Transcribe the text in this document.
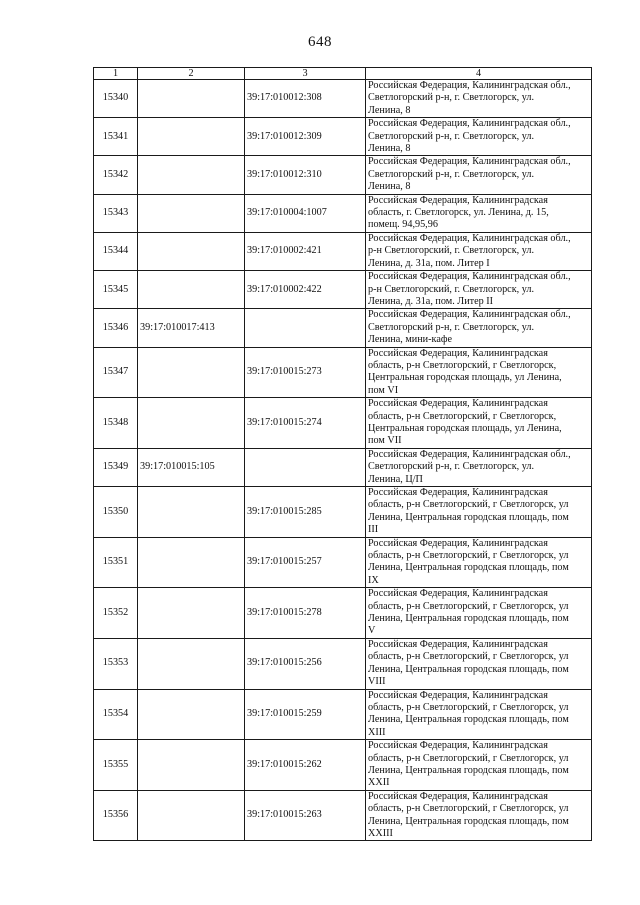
648
1	2	3	4
15340		39:17:010012:308	Российская Федерация, Калининградская обл.,
Светлогорский р-н, г. Светлогорск, ул.
Ленина, 8

15341		39:17:010012:309	Российская Федерация, Калининградская обл.,
Светлогорский р-н, г. Светлогорск, ул.
Ленина, 8

15342		39:17:010012:310	Российская Федерация, Калининградская обл.,
Светлогорский р-н, г. Светлогорск, ул.
Ленина, 8

15343		39:17:010004:1007	Российская Федерация, Калининградская
область, г. Светлогорск, ул. Ленина, д. 15,
помещ. 94,95,96

15344		39:17:010002:421	Российская Федерация, Калининградская обл.,
р-н Светлогорский, г. Светлогорск, ул.
Ленина, д. 31а, пом. Литер I

15345		39:17:010002:422	Российская Федерация, Калининградская обл.,
р-н Светлогорский, г. Светлогорск, ул.
Ленина, д. 31а, пом. Литер II

15346	39:17:010017:413		Российская Федерация, Калининградская обл.,
Светлогорский р-н, г. Светлогорск, ул.
Ленина, мини-кафе

15347		39:17:010015:273	Российская Федерация, Калининградская
область, р-н Светлогорский, г Светлогорск,
Центральная городская площадь, ул Ленина,
пом VI

15348		39:17:010015:274	Российская Федерация, Калининградская
область, р-н Светлогорский, г Светлогорск,
Центральная городская площадь, ул Ленина,
пом VII

15349	39:17:010015:105		Российская Федерация, Калининградская обл.,
Светлогорский р-н, г. Светлогорск, ул.
Ленина, Ц/П

15350		39:17:010015:285	Российская Федерация, Калининградская
область, р-н Светлогорский, г Светлогорск, ул
Ленина, Центральная городская площадь, пом
III

15351		39:17:010015:257	Российская Федерация, Калининградская
область, р-н Светлогорский, г Светлогорск, ул
Ленина, Центральная городская площадь, пом
IX

15352		39:17:010015:278	Российская Федерация, Калининградская
область, р-н Светлогорский, г Светлогорск, ул
Ленина, Центральная городская площадь, пом
V

15353		39:17:010015:256	Российская Федерация, Калининградская
область, р-н Светлогорский, г Светлогорск, ул
Ленина, Центральная городская площадь, пом
VIII

15354		39:17:010015:259	Российская Федерация, Калининградская
область, р-н Светлогорский, г Светлогорск, ул
Ленина, Центральная городская площадь, пом
XIII

15355		39:17:010015:262	Российская Федерация, Калининградская
область, р-н Светлогорский, г Светлогорск, ул
Ленина, Центральная городская площадь, пом
XXII

15356		39:17:010015:263	Российская Федерация, Калининградская
область, р-н Светлогорский, г Светлогорск, ул
Ленина, Центральная городская площадь, пом
XXIII
